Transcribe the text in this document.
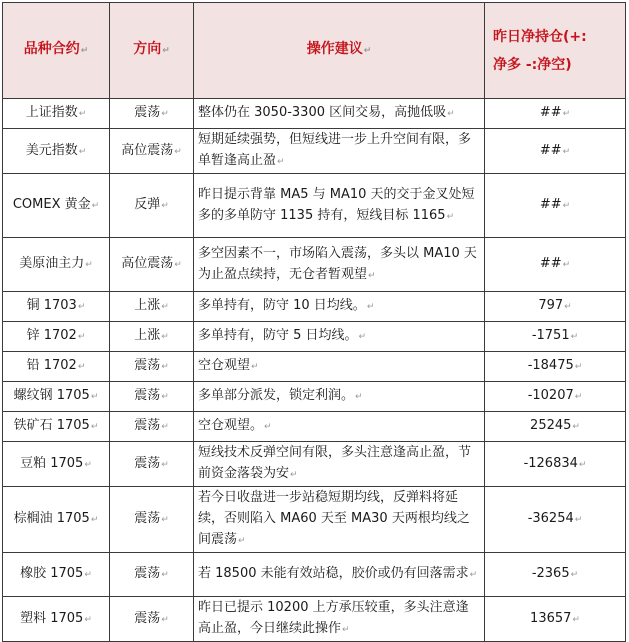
品种合约↵	方向↵	操作建议↵	昨日净持仓(+:
净多 -:净空)

上证指数↵	震荡↵	整体仍在 3050-3300 区间交易，高抛低吸↵	##↵
美元指数↵	高位震荡↵	短期延续强势，但短线进一步上升空间有限，多单暂逢高止盈↵	##↵
COMEX 黄金↵	反弹↵	昨日提示背靠 MA5 与 MA10 天的交于金叉处短多的多单防守 1135 持有，短线目标 1165↵	##↵
美原油主力↵	高位震荡↵	多空因素不一，市场陷入震荡，多头以 MA10 天为止盈点续持，无仓者暂观望↵	##↵
铜 1703↵	上涨↵	多单持有，防守 10 日均线。↵	797↵
锌 1702↵	上涨↵	多单持有，防守 5 日均线。↵	-1751↵
铅 1702↵	震荡↵	空仓观望↵	-18475↵
螺纹钢 1705↵	震荡↵	多单部分派发，锁定利润。↵	-10207↵
铁矿石 1705↵	震荡↵	空仓观望。↵	25245↵
豆粕 1705↵	震荡↵	短线技术反弹空间有限，多头注意逢高止盈，节前资金落袋为安↵	-126834↵
棕榈油 1705↵	震荡↵	若今日收盘进一步站稳短期均线，反弹料将延续，否则陷入 MA60 天至 MA30 天两根均线之间震荡↵	-36254↵
橡胶 1705↵	震荡↵	若 18500 未能有效站稳，胶价或仍有回落需求↵	-2365↵
塑料 1705↵	震荡↵	昨日已提示 10200 上方承压较重，多头注意逢高止盈，今日继续此操作↵	13657↵
